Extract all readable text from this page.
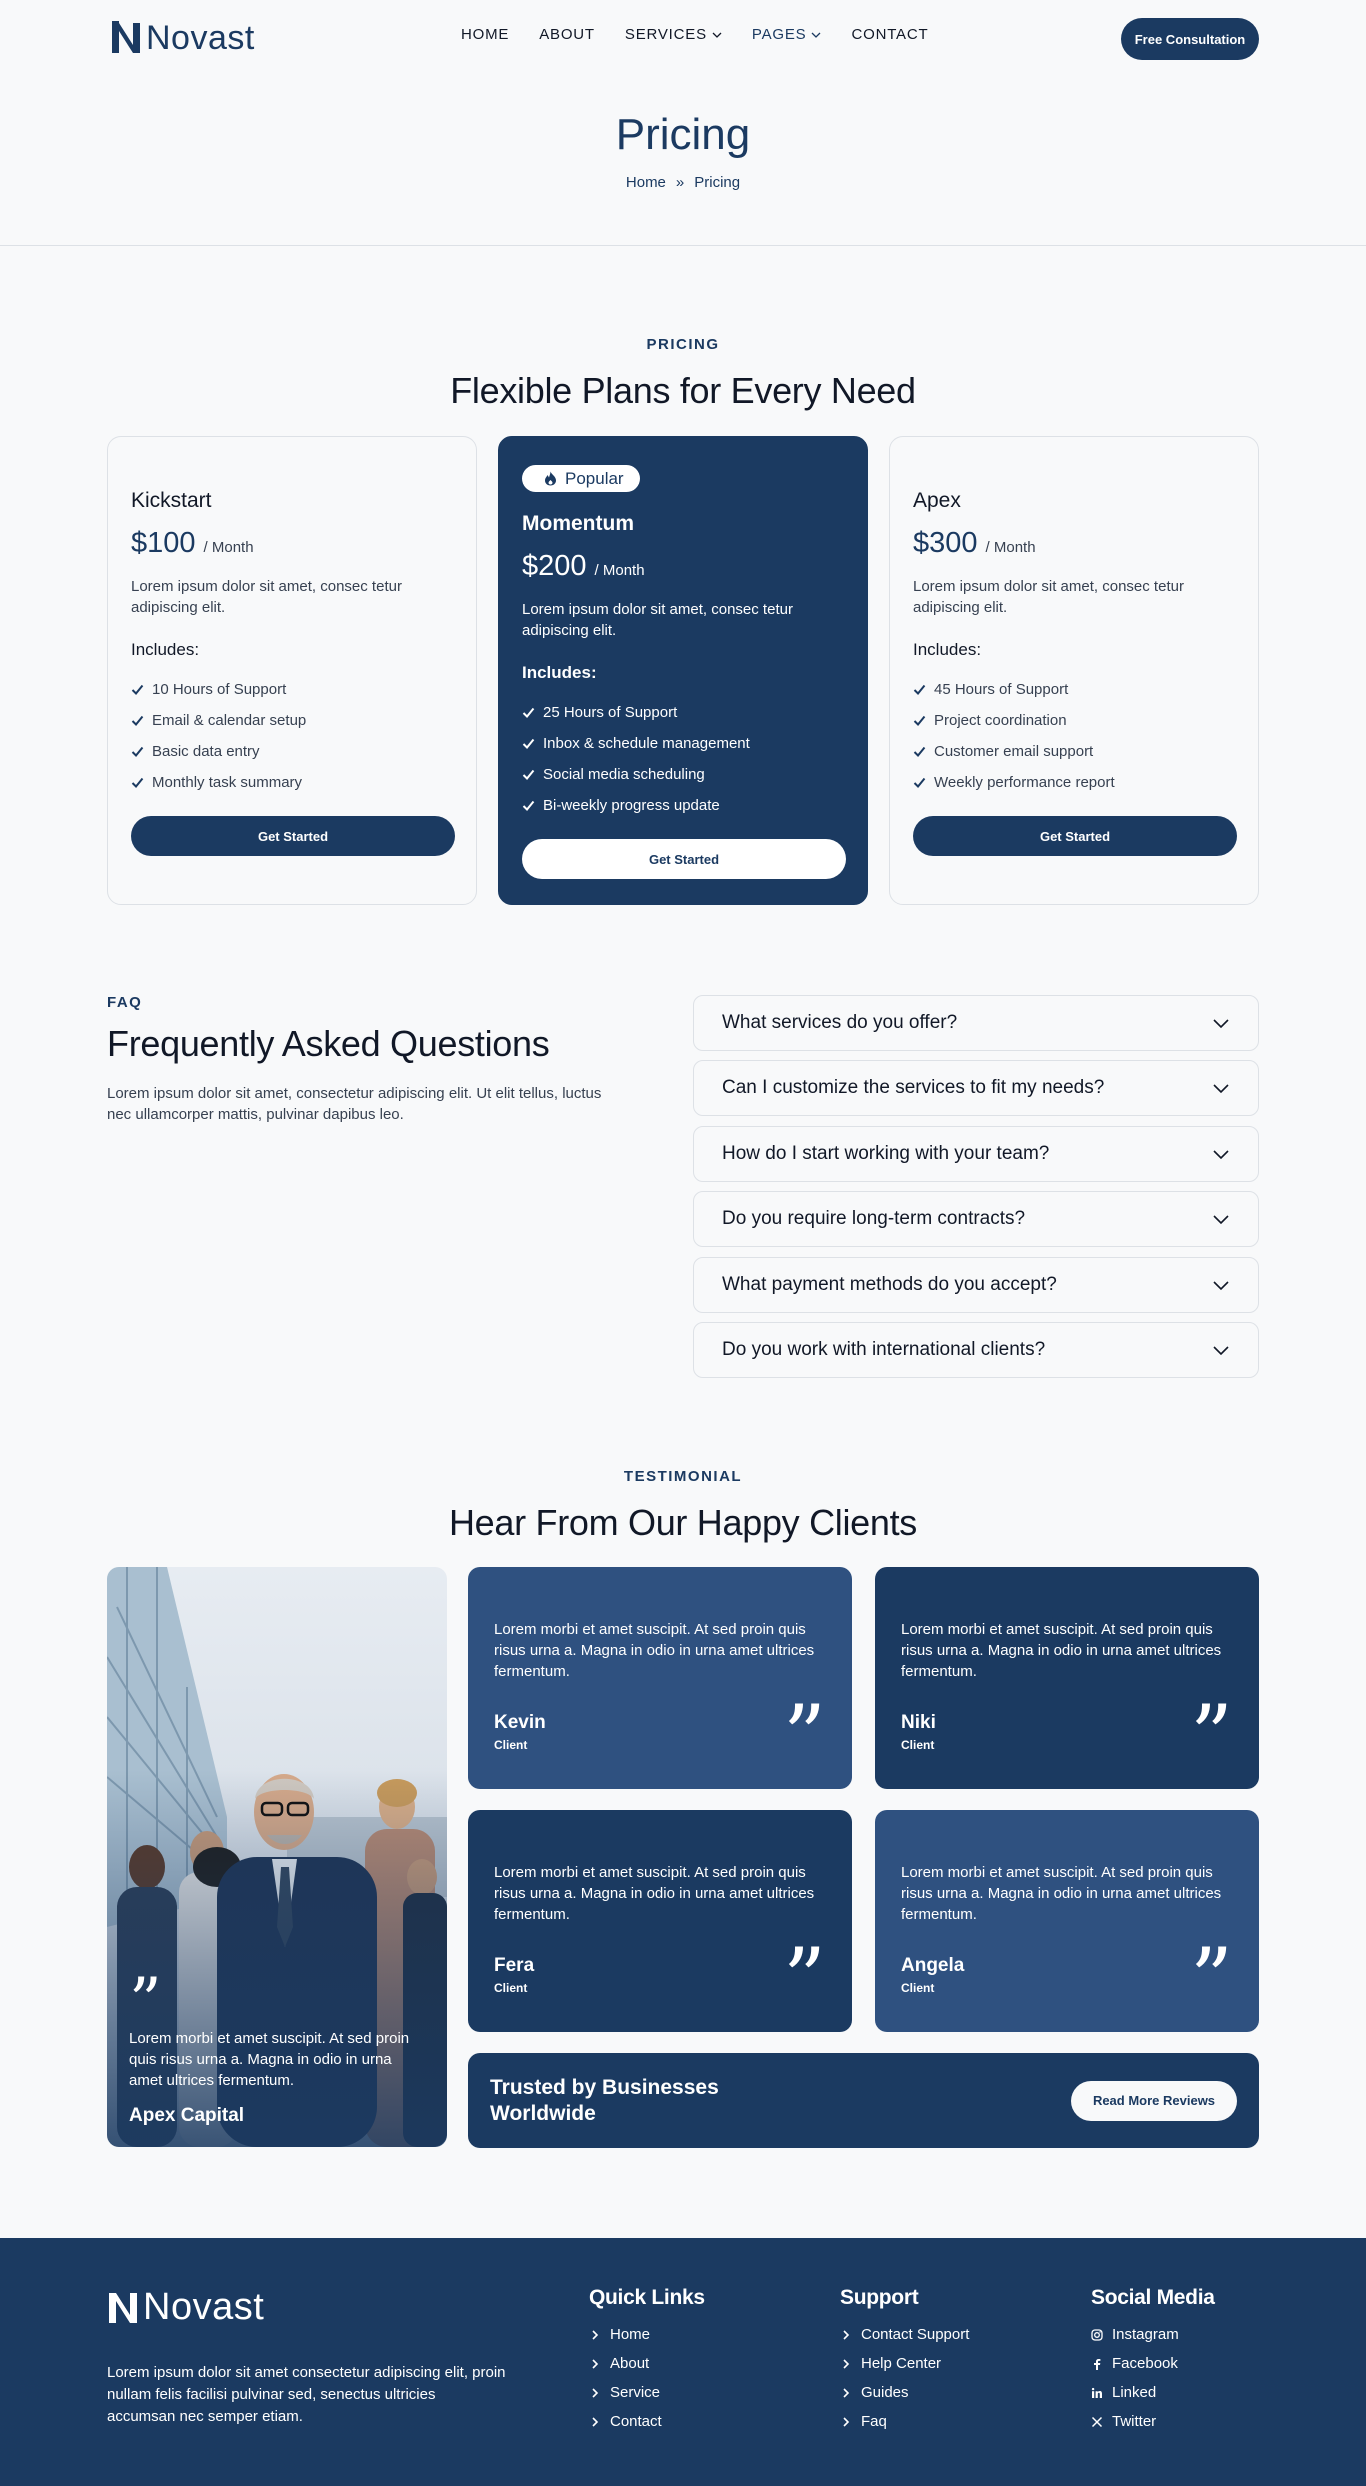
Novast	HOME ABOUT SERVICES	PAGES	CONTACT	Free Consultation
Pricing
Home » Pricing
PRICING
Flexible Plans for Every Need
Kickstart
$100 / Month
Lorem ipsum dolor sit amet, consec tetur adipiscing elit.
Includes:
10 Hours of Support
Email & calendar setup
Basic data entry
Monthly task summary
Get Started
Popular
Momentum
$200 / Month
Lorem ipsum dolor sit amet, consec tetur adipiscing elit.
Includes:
25 Hours of Support
Inbox & schedule management
Social media scheduling
Bi-weekly progress update
Get Started
Apex
$300 / Month
Lorem ipsum dolor sit amet, consec tetur adipiscing elit.
Includes:
45 Hours of Support
Project coordination
Customer email support
Weekly performance report
Get Started
FAQ
Frequently Asked Questions
Lorem ipsum dolor sit amet, consectetur adipiscing elit. Ut elit tellus, luctus nec ullamcorper mattis, pulvinar dapibus leo.
What services do you offer?
Can I customize the services to fit my needs?
How do I start working with your team?
Do you require long-term contracts?
What payment methods do you accept?
Do you work with international clients?
TESTIMONIAL
Hear From Our Happy Clients
”
Lorem morbi et amet suscipit. At sed proin quis risus urna a. Magna in odio in urna amet ultrices fermentum.
Apex Capital
Lorem morbi et amet suscipit. At sed proin quis risus urna a. Magna in odio in urna amet ultrices fermentum.
Kevin
Client	”
Lorem morbi et amet suscipit. At sed proin quis risus urna a. Magna in odio in urna amet ultrices fermentum.
Niki
Client	”
Lorem morbi et amet suscipit. At sed proin quis risus urna a. Magna in odio in urna amet ultrices fermentum.
Fera
Client	”
Lorem morbi et amet suscipit. At sed proin quis risus urna a. Magna in odio in urna amet ultrices fermentum.
Angela
Client	”
Trusted by Businesses Worldwide
Read More Reviews
Novast
Lorem ipsum dolor sit amet consectetur adipiscing elit, proin nullam felis facilisi pulvinar sed, senectus ultricies accumsan nec semper etiam.
Quick Links
Home
About
Service
Contact
Support
Contact Support
Help Center
Guides
Faq
Social Media
Instagram
Facebook
Linked
Twitter
